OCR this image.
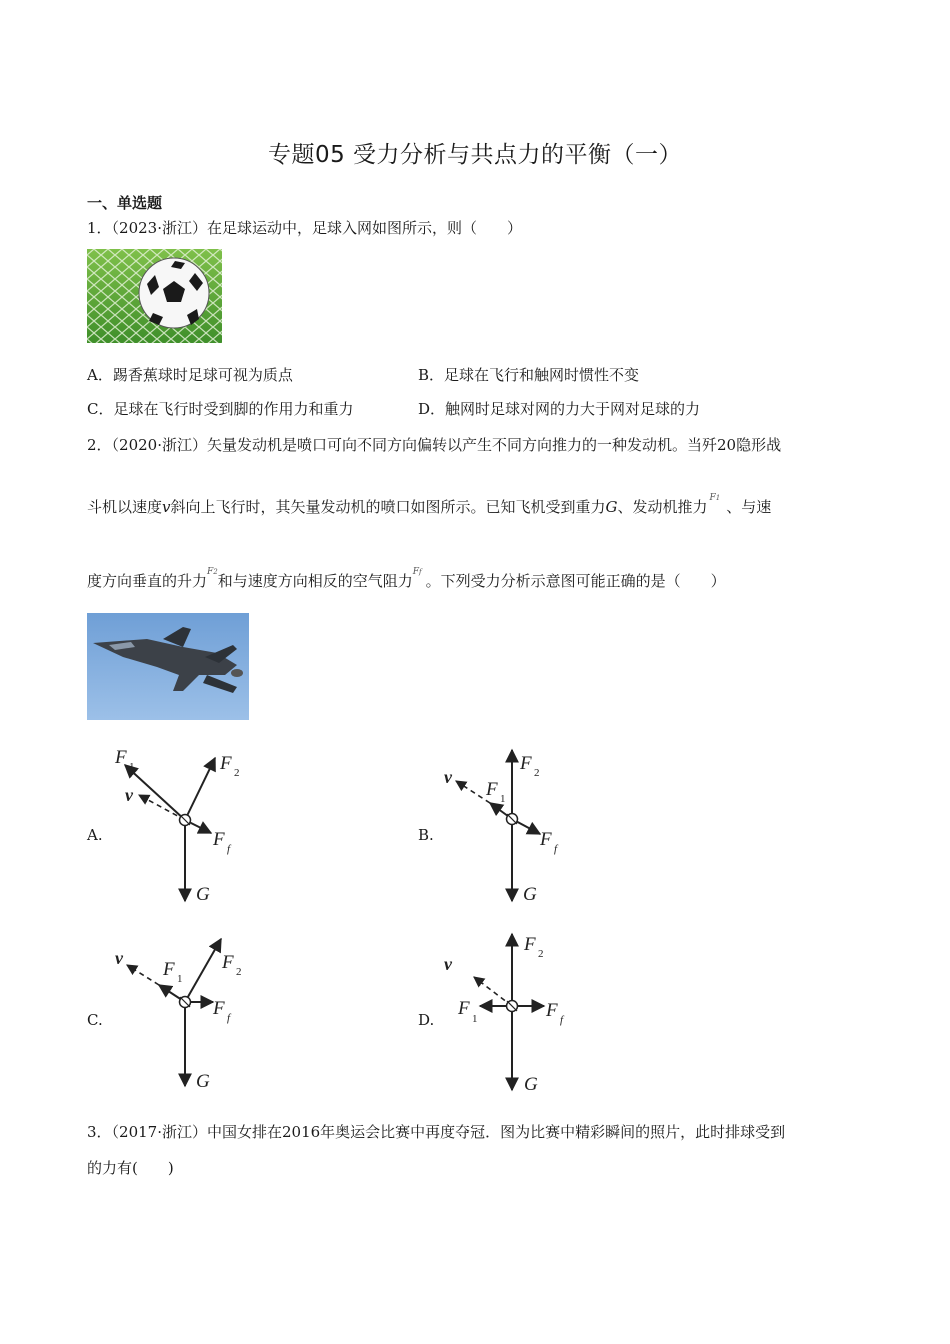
专题05 受力分析与共点力的平衡（一）
一、单选题
1．（2023·浙江）在足球运动中，足球入网如图所示，则（　　）
A．踢香蕉球时足球可视为质点	B．足球在飞行和触网时惯性不变
C．足球在飞行时受到脚的作用力和重力	D．触网时足球对网的力大于网对足球的力
2．（2020·浙江）矢量发动机是喷口可向不同方向偏转以产生不同方向推力的一种发动机。当歼20隐形战
斗机以速度v斜向上飞行时，其矢量发动机的喷口如图所示。已知飞机受到重力G、发动机推力 $^{F1}$ 、与速
度方向垂直的升力$^{F2}$和与速度方向相反的空气阻力$^{Ff}$ 。下列受力分析示意图可能正确的是（　　）
A.
F 1	F 2
v
F f
G
B.
v
F 1
F 2
F f
G
C.
v
F 1
F 2
F f
G
D.
v
F 1
F 2
F f
G
3．（2017·浙江）中国女排在2016年奥运会比赛中再度夺冠．图为比赛中精彩瞬间的照片，此时排球受到
的力有(　　)
